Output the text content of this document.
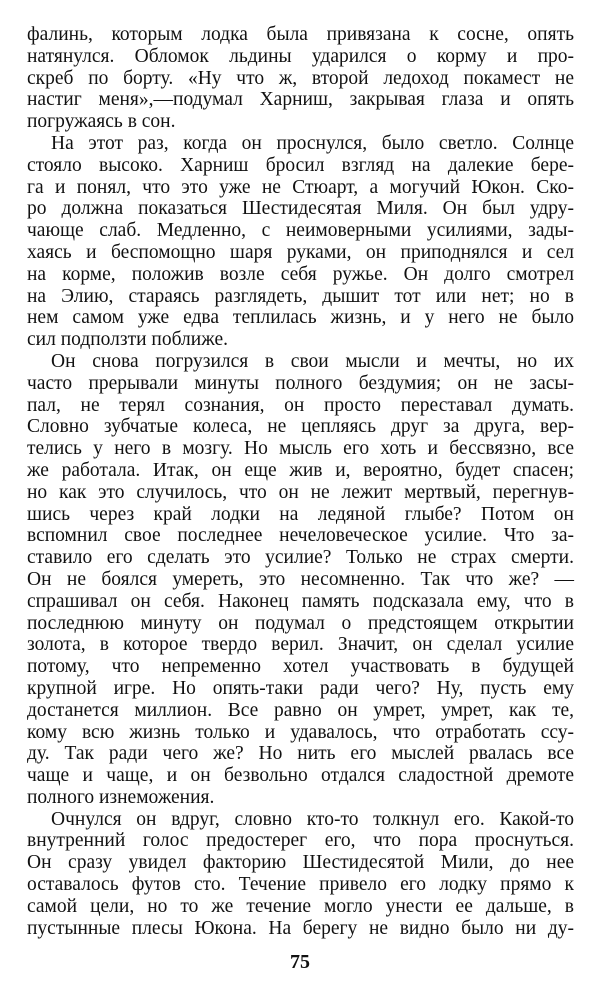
фалинь, которым лодка была привязана к сосне, опять
натянулся. Обломок льдины ударился о корму и про-
скреб по борту. «Ну что ж, второй ледоход покамест не
настиг меня»,—подумал Харниш, закрывая глаза и опять
погружаясь в сон.
На этот раз, когда он проснулся, было светло. Солнце
стояло высоко. Харниш бросил взгляд на далекие бере-
га и понял, что это уже не Стюарт, а могучий Юкон. Ско-
ро должна показаться Шестидесятая Миля. Он был удру-
чающе слаб. Медленно, с неимоверными усилиями, зады-
хаясь и беспомощно шаря руками, он приподнялся и сел
на корме, положив возле себя ружье. Он долго смотрел
на Элию, стараясь разглядеть, дышит тот или нет; но в
нем самом уже едва теплилась жизнь, и у него не было
сил подползти поближе.
Он снова погрузился в свои мысли и мечты, но их
часто прерывали минуты полного бездумия; он не засы-
пал, не терял сознания, он просто переставал думать.
Словно зубчатые колеса, не цепляясь друг за друга, вер-
телись у него в мозгу. Но мысль его хоть и бессвязно, все
же работала. Итак, он еще жив и, вероятно, будет спасен;
но как это случилось, что он не лежит мертвый, перегнув-
шись через край лодки на ледяной глыбе? Потом он
вспомнил свое последнее нечеловеческое усилие. Что за-
ставило его сделать это усилие? Только не страх смерти.
Он не боялся умереть, это несомненно. Так что же? —
спрашивал он себя. Наконец память подсказала ему, что в
последнюю минуту он подумал о предстоящем открытии
золота, в которое твердо верил. Значит, он сделал усилие
потому, что непременно хотел участвовать в будущей
крупной игре. Но опять-таки ради чего? Ну, пусть ему
достанется миллион. Все равно он умрет, умрет, как те,
кому всю жизнь только и удавалось, что отработать ссу-
ду. Так ради чего же? Но нить его мыслей рвалась все
чаще и чаще, и он безвольно отдался сладостной дремоте
полного изнеможения.
Очнулся он вдруг, словно кто-то толкнул его. Какой-то
внутренний голос предостерег его, что пора проснуться.
Он сразу увидел факторию Шестидесятой Мили, до нее
оставалось футов сто. Течение привело его лодку прямо к
самой цели, но то же течение могло унести ее дальше, в
пустынные плесы Юкона. На берегу не видно было ни ду-
75
